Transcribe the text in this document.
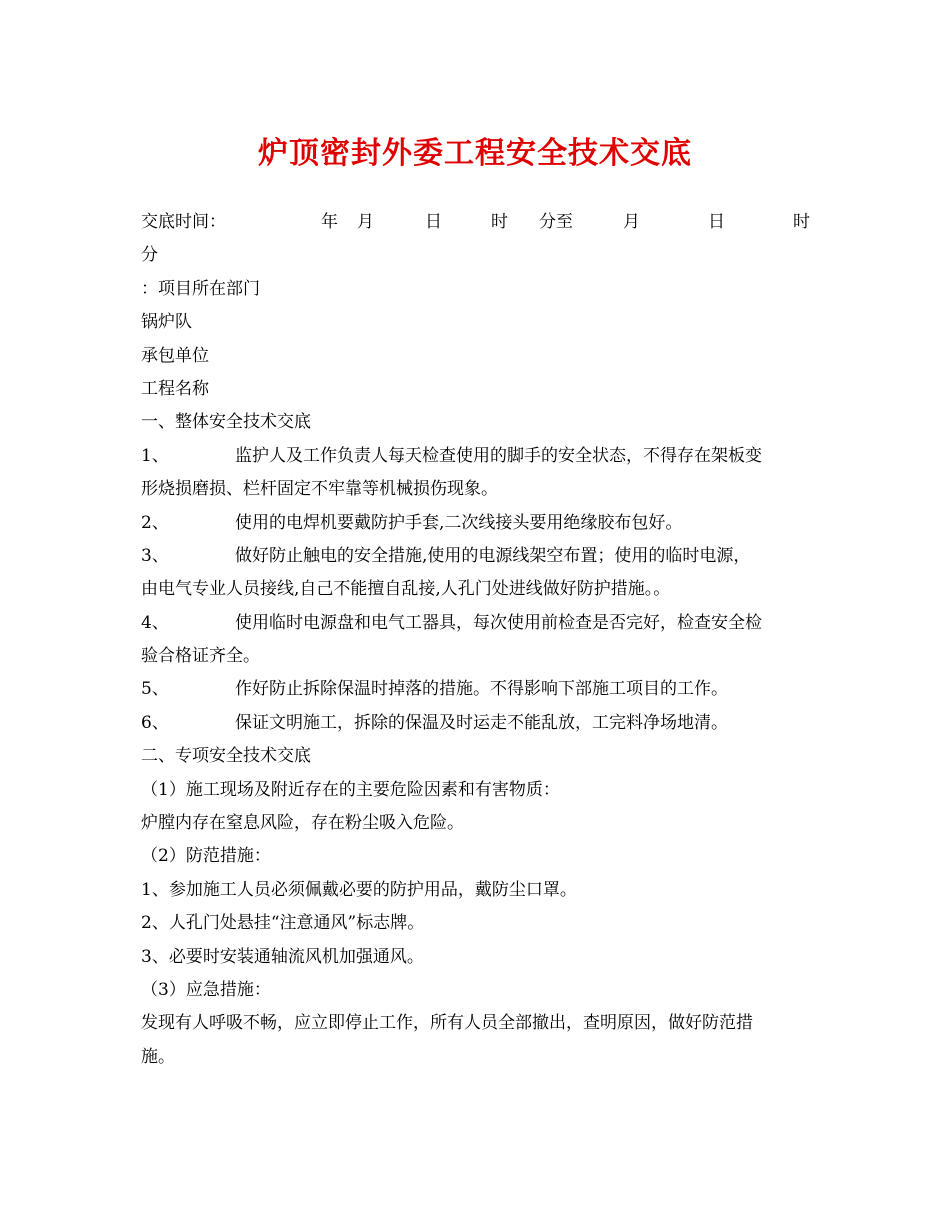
炉顶密封外委工程安全技术交底
交底时间：	年 月	日	时 分至	月	日	时
分
：项目所在部门
锅炉队
承包单位
工程名称
一、整体安全技术交底
1、	监护人及工作负责人每天检查使用的脚手的安全状态，不得存在架板变
形烧损磨损、栏杆固定不牢靠等机械损伤现象。
2、	使用的电焊机要戴防护手套,二次线接头要用绝缘胶布包好。
3、	做好防止触电的安全措施,使用的电源线架空布置；使用的临时电源，
由电气专业人员接线,自己不能擅自乱接,人孔门处进线做好防护措施。。
4、	使用临时电源盘和电气工器具，每次使用前检查是否完好，检查安全检
验合格证齐全。
5、	作好防止拆除保温时掉落的措施。不得影响下部施工项目的工作。
6、	保证文明施工，拆除的保温及时运走不能乱放，工完料净场地清。
二、专项安全技术交底
（1）施工现场及附近存在的主要危险因素和有害物质：
炉膛内存在窒息风险，存在粉尘吸入危险。
（2）防范措施：
1、参加施工人员必须佩戴必要的防护用品，戴防尘口罩。
2、人孔门处悬挂“注意通风”标志牌。
3、必要时安装通轴流风机加强通风。
（3）应急措施：
发现有人呼吸不畅，应立即停止工作，所有人员全部撤出，查明原因，做好防范措
施。
